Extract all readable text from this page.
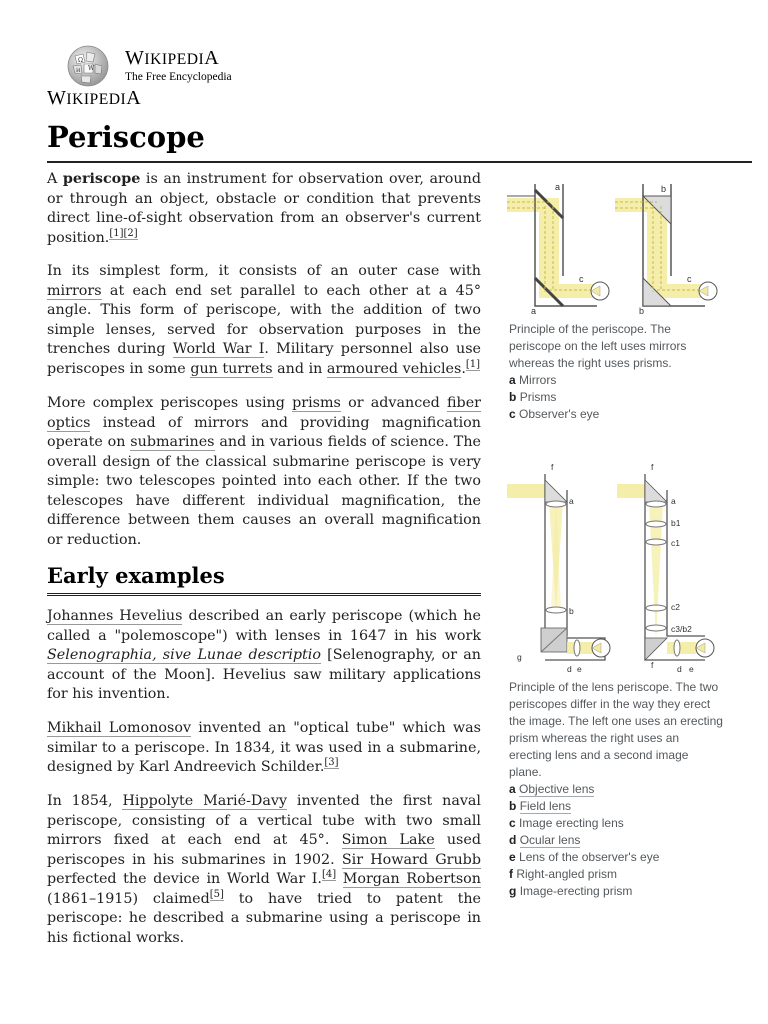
Ω
W
И
WIKIPEDIA
The Free Encyclopedia
WIKIPEDIA
Periscope

A periscope is an instrument for observation over, around or through an object, obstacle or condition that prevents direct line-of-sight observation from an observer's current position.[1][2]

In its simplest form, it consists of an outer case with mirrors at each end set parallel to each other at a 45° angle. This form of periscope, with the addition of two simple lenses, served for observation purposes in the trenches during World War I. Military personnel also use periscopes in some gun turrets and in armoured vehicles.[1]

More complex periscopes using prisms or advanced fiber optics instead of mirrors and providing magnification operate on submarines and in various fields of science. The overall design of the classical submarine periscope is very simple: two telescopes pointed into each other. If the two telescopes have different individual magnification, the difference between them causes an overall magnification or reduction.

Early examples

Johannes Hevelius described an early periscope (which he called a "polemoscope") with lenses in 1647 in his work Selenographia, sive Lunae descriptio [Selenography, or an account of the Moon]. Hevelius saw military applications for his invention.

Mikhail Lomonosov invented an "optical tube" which was similar to a periscope. In 1834, it was used in a submarine, designed by Karl Andreevich Schilder.[3]

In 1854, Hippolyte Marié-Davy invented the first naval periscope, consisting of a vertical tube with two small mirrors fixed at each end at 45°. Simon Lake used periscopes in his submarines in 1902. Sir Howard Grubb perfected the device in World War I.[4] Morgan Robertson (1861–1915) claimed[5] to have tried to patent the periscope: he described a submarine using a periscope in his fictional works.

a
c
a
b
c
b
Principle of the periscope. The periscope on the left uses mirrors whereas the right uses prisms.
a Mirrors
b Prisms
c Observer's eye
f
a
b
g
d e
f
a
b1
c1
c2
c3/b2
f	d e
Principle of the lens periscope. The two periscopes differ in the way they erect the image. The left one uses an erecting prism whereas the right uses an erecting lens and a second image plane.
a Objective lens
b Field lens
c Image erecting lens
d Ocular lens
e Lens of the observer's eye
f Right-angled prism
g Image-erecting prism
